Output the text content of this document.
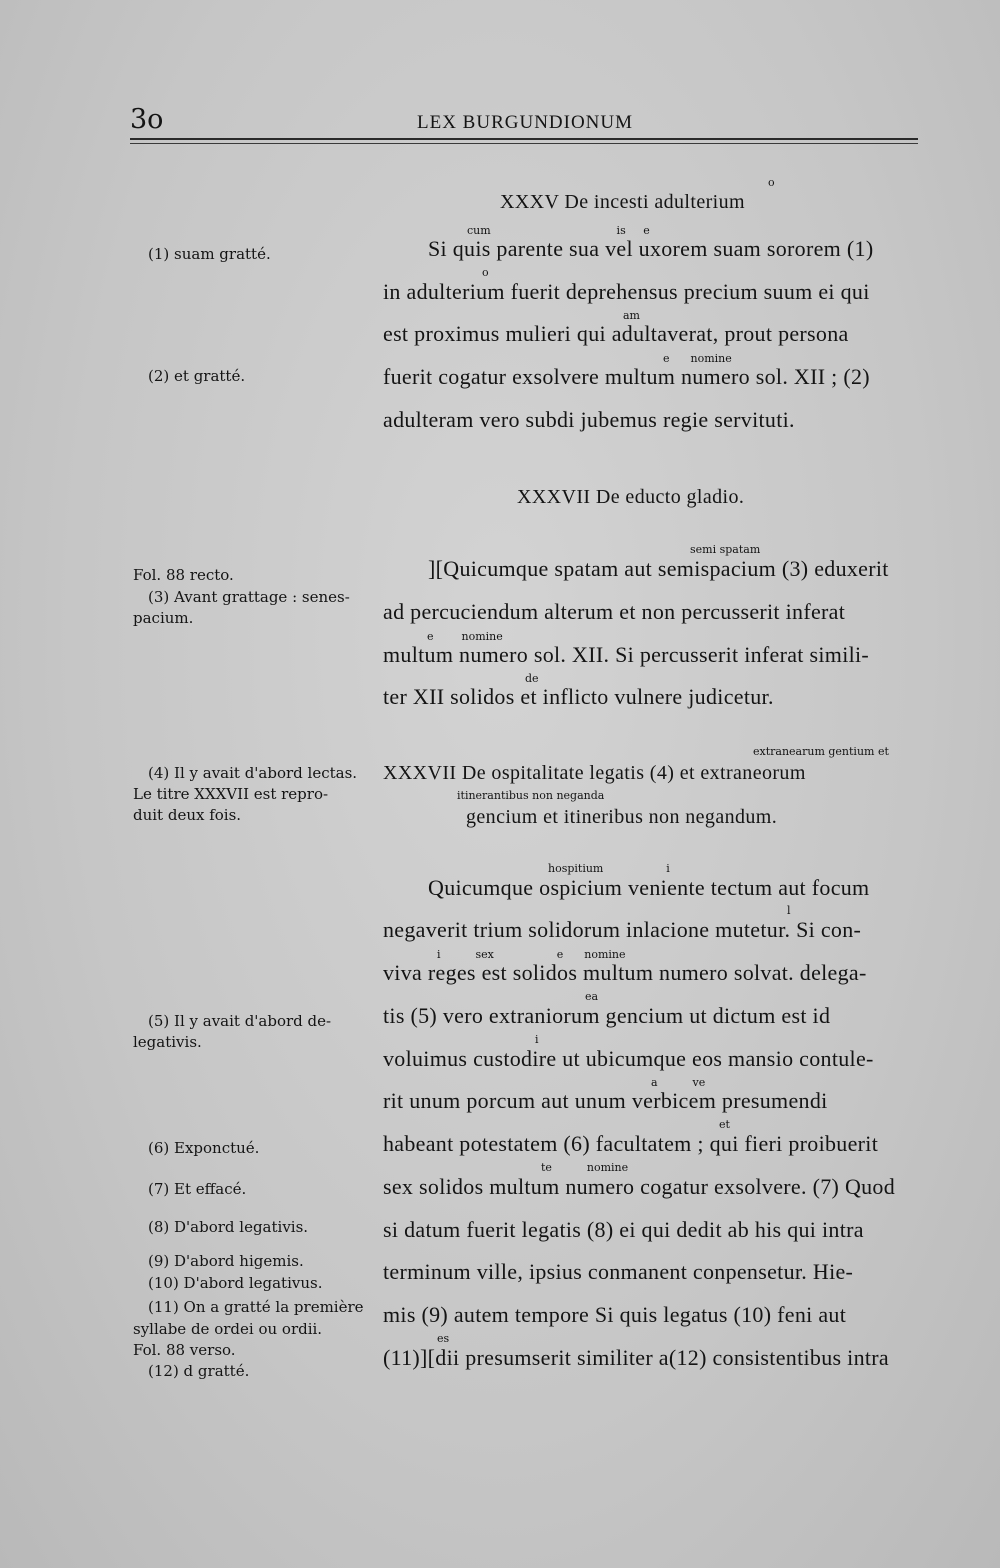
3o	LEX BURGUNDIONUM
o
XXXV De incesti adulterium
cum                                    is     e
Si quis parente sua vel uxorem suam sororem (1)
o
in adulterium fuerit deprehensus precium suum ei qui
am
est proximus mulieri qui adultaverat, prout persona
e      nomine
fuerit cogatur exsolvere multum numero sol. XII ; (2)
adulteram vero subdi jubemus regie servituti.
XXXVII De educto gladio.
semi spatam
][Quicumque spatam aut semispacium (3) eduxerit
ad percuciendum alterum et non percusserit inferat
e        nomine
multum numero sol. XII. Si percusserit inferat simili-
de
ter XII solidos et inflicto vulnere judicetur.
extranearum gentium et
XXXVII De ospitalitate legatis (4) et extraneorum
itinerantibus non neganda
gencium et itineribus non negandum.
hospitium                  i
Quicumque ospicium veniente tectum aut focum
l
negaverit trium solidorum inlacione mutetur. Si con-
i          sex                  e      nomine
viva reges est solidos multum numero solvat. delega-
ea
tis (5) vero extraniorum gencium ut dictum est id
i
voluimus custodire ut ubicumque eos mansio contule-
a          ve
rit unum porcum aut unum verbicem presumendi
et
habeant potestatem (6) facultatem ; qui fieri proibuerit
te          nomine
sex solidos multum numero cogatur exsolvere. (7) Quod
si datum fuerit legatis (8) ei qui dedit ab his qui intra
terminum ville, ipsius conmanent conpensetur. Hie-
mis (9) autem tempore Si quis legatus (10) feni aut
es
(11)][dii presumserit similiter a(12) consistentibus intra
(1) suam gratté.
(2) et gratté.
Fol. 88 recto.
(3) Avant grattage : senes-
pacium.
(4) Il y avait d'abord lectas.
Le titre XXXVII est repro-
duit deux fois.
(5) Il y avait d'abord de-
legativis.
(6) Exponctué.
(7) Et effacé.
(8) D'abord legativis.
(9) D'abord higemis.
(10) D'abord legativus.
(11) On a gratté la première
syllabe de ordei ou ordii.
Fol. 88 verso.
(12) d gratté.
